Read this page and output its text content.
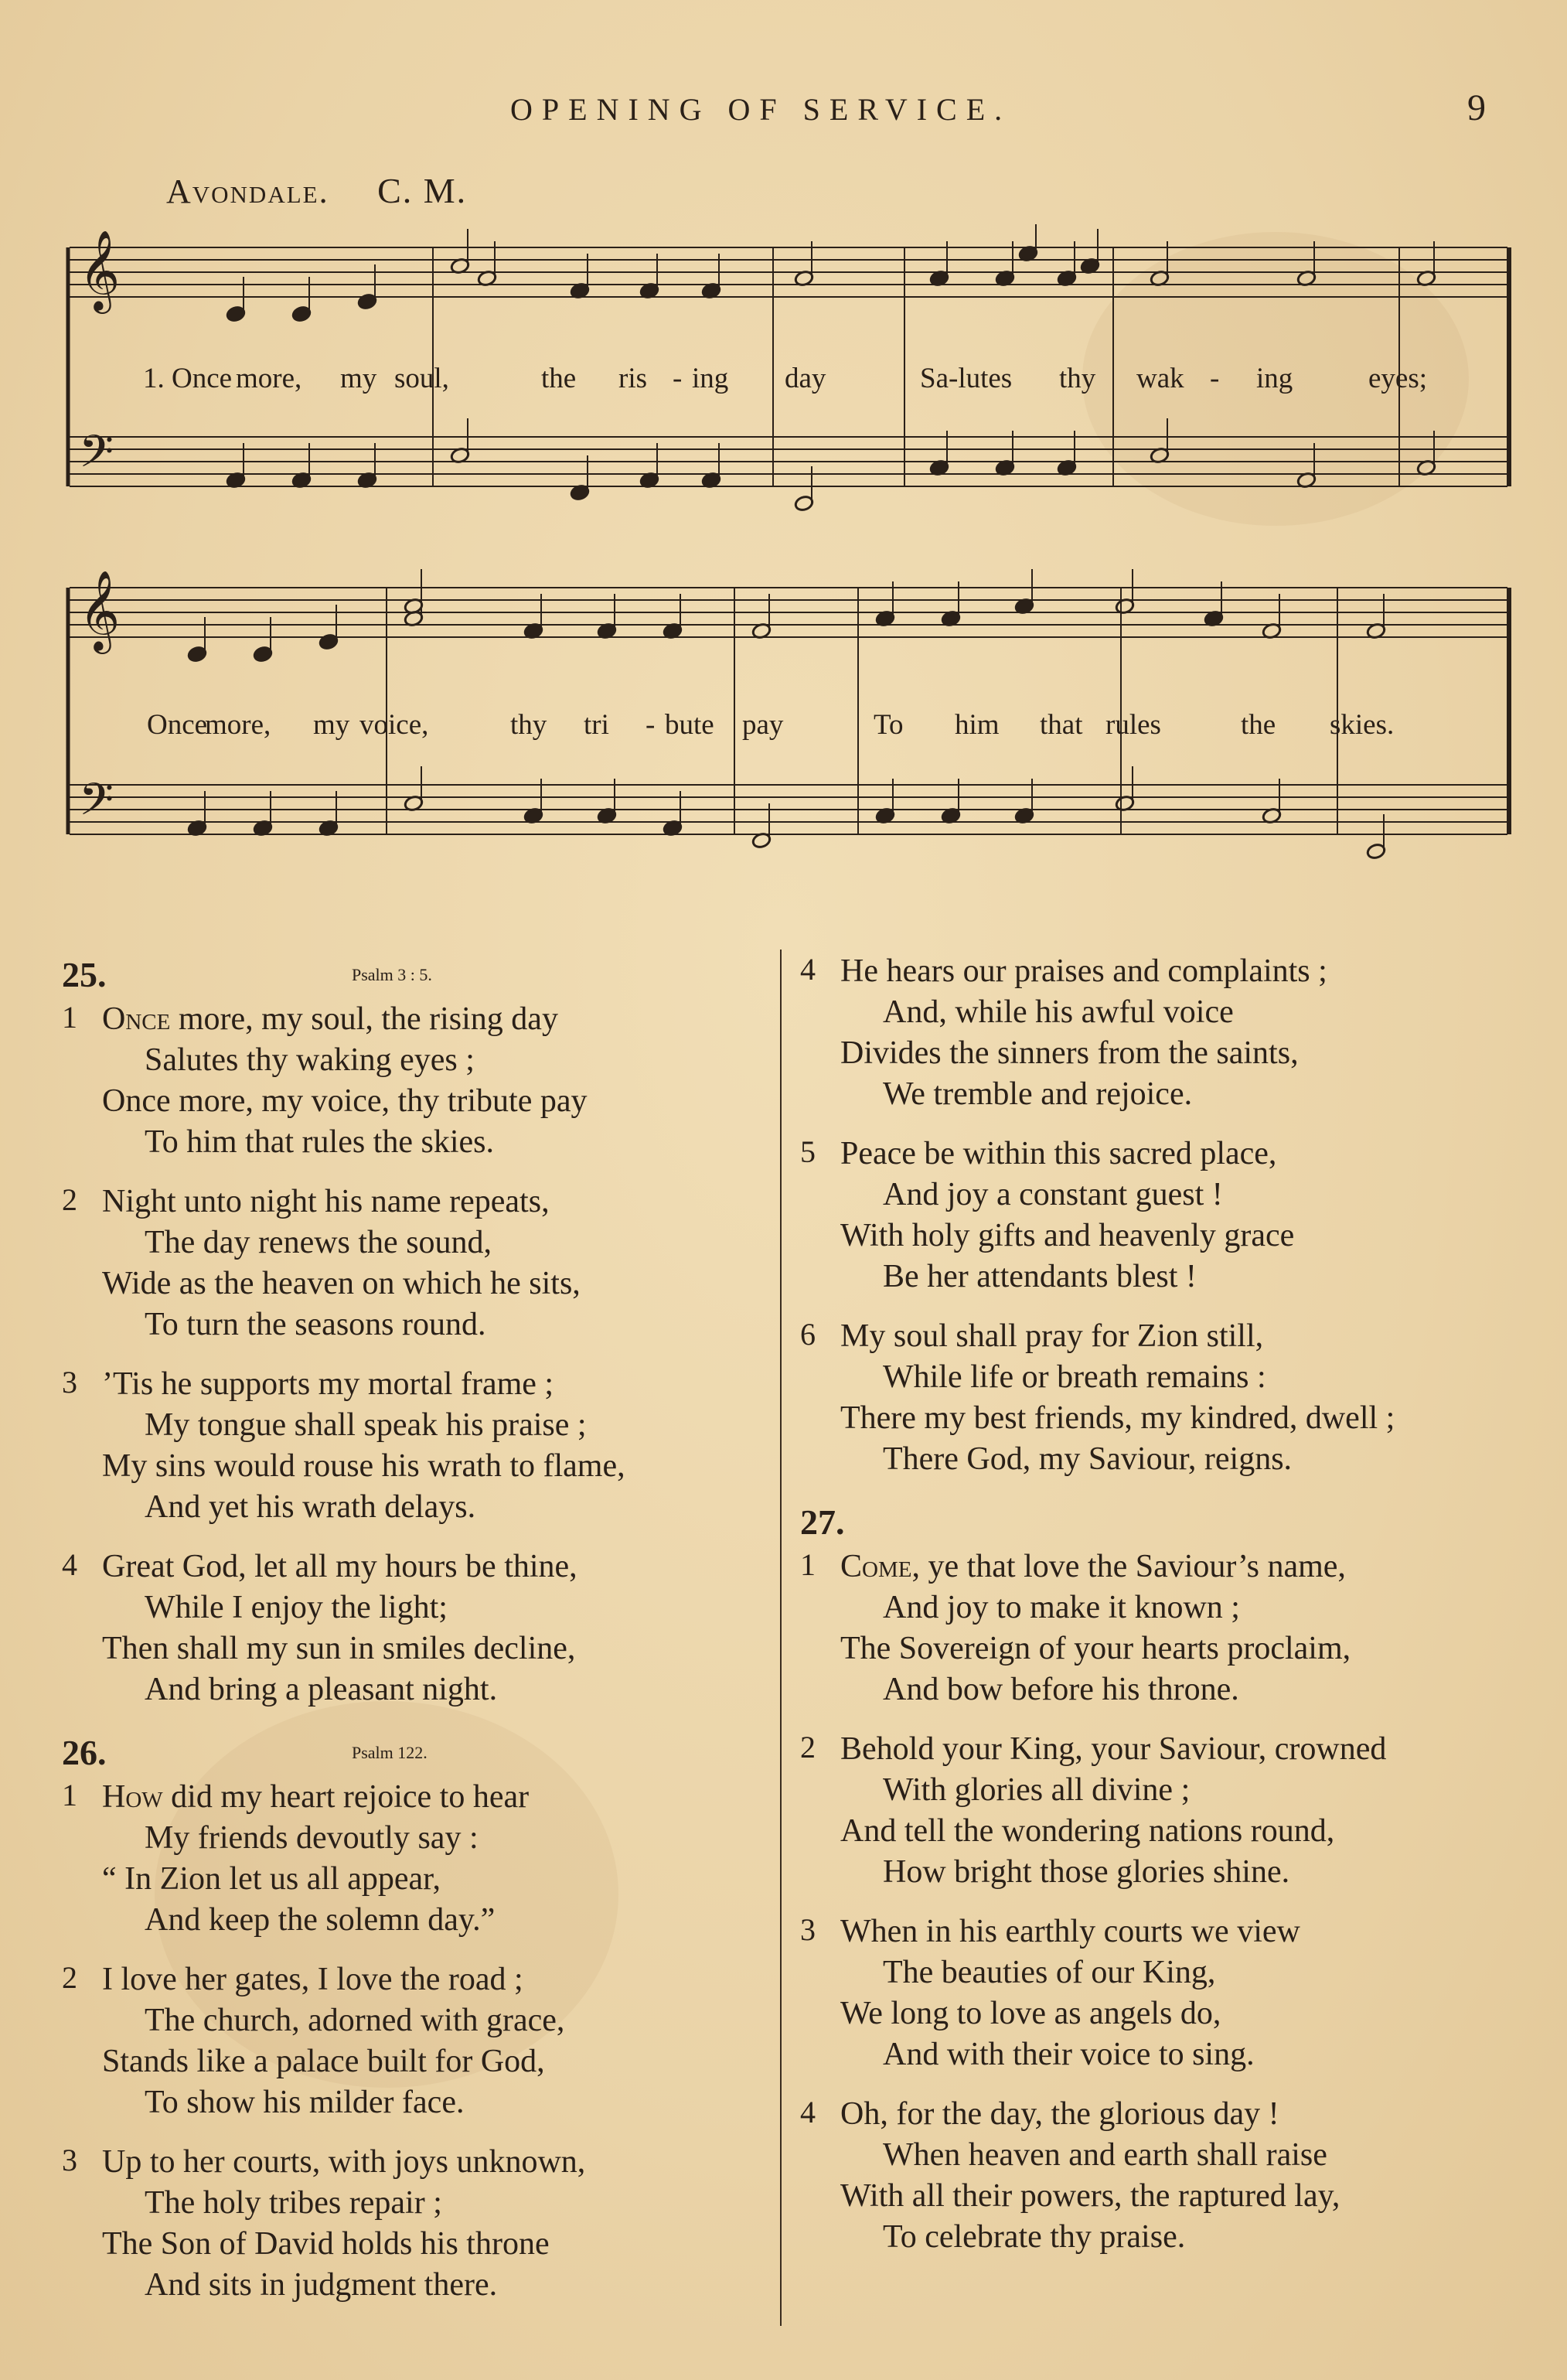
OPENING OF SERVICE.	9
Avondale. C. M.
𝄞
𝄢
1. Once more, my soul,	the ris - ing day	Sa-lutes thy wak - ing	eyes;
𝄞
𝄢
Once
more, my voice,	thy tri - bute pay	To him that rules	the skies.
25.	Psalm 3 : 5.
1 Once more, my soul, the rising day
Salutes thy waking eyes ;
Once more, my voice, thy tribute pay
To him that rules the skies.
2 Night unto night his name repeats,
The day renews the sound,
Wide as the heaven on which he sits,
To turn the seasons round.
3 ’Tis he supports my mortal frame ;
My tongue shall speak his praise ;
My sins would rouse his wrath to flame,
And yet his wrath delays.
4 Great God, let all my hours be thine,
While I enjoy the light;
Then shall my sun in smiles decline,
And bring a pleasant night.
26.	Psalm 122.
1 How did my heart rejoice to hear
My friends devoutly say :
“ In Zion let us all appear,
And keep the solemn day.”
2 I love her gates, I love the road ;
The church, adorned with grace,
Stands like a palace built for God,
To show his milder face.
3 Up to her courts, with joys unknown,
The holy tribes repair ;
The Son of David holds his throne
And sits in judgment there.
4 He hears our praises and complaints ;
And, while his awful voice
Divides the sinners from the saints,
We tremble and rejoice.
5 Peace be within this sacred place,
And joy a constant guest !
With holy gifts and heavenly grace
Be her attendants blest !
6 My soul shall pray for Zion still,
While life or breath remains :
There my best friends, my kindred, dwell ;
There God, my Saviour, reigns.
27.
1 Come, ye that love the Saviour’s name,
And joy to make it known ;
The Sovereign of your hearts proclaim,
And bow before his throne.
2 Behold your King, your Saviour, crowned
With glories all divine ;
And tell the wondering nations round,
How bright those glories shine.
3 When in his earthly courts we view
The beauties of our King,
We long to love as angels do,
And with their voice to sing.
4 Oh, for the day, the glorious day !
When heaven and earth shall raise
With all their powers, the raptured lay,
To celebrate thy praise.
